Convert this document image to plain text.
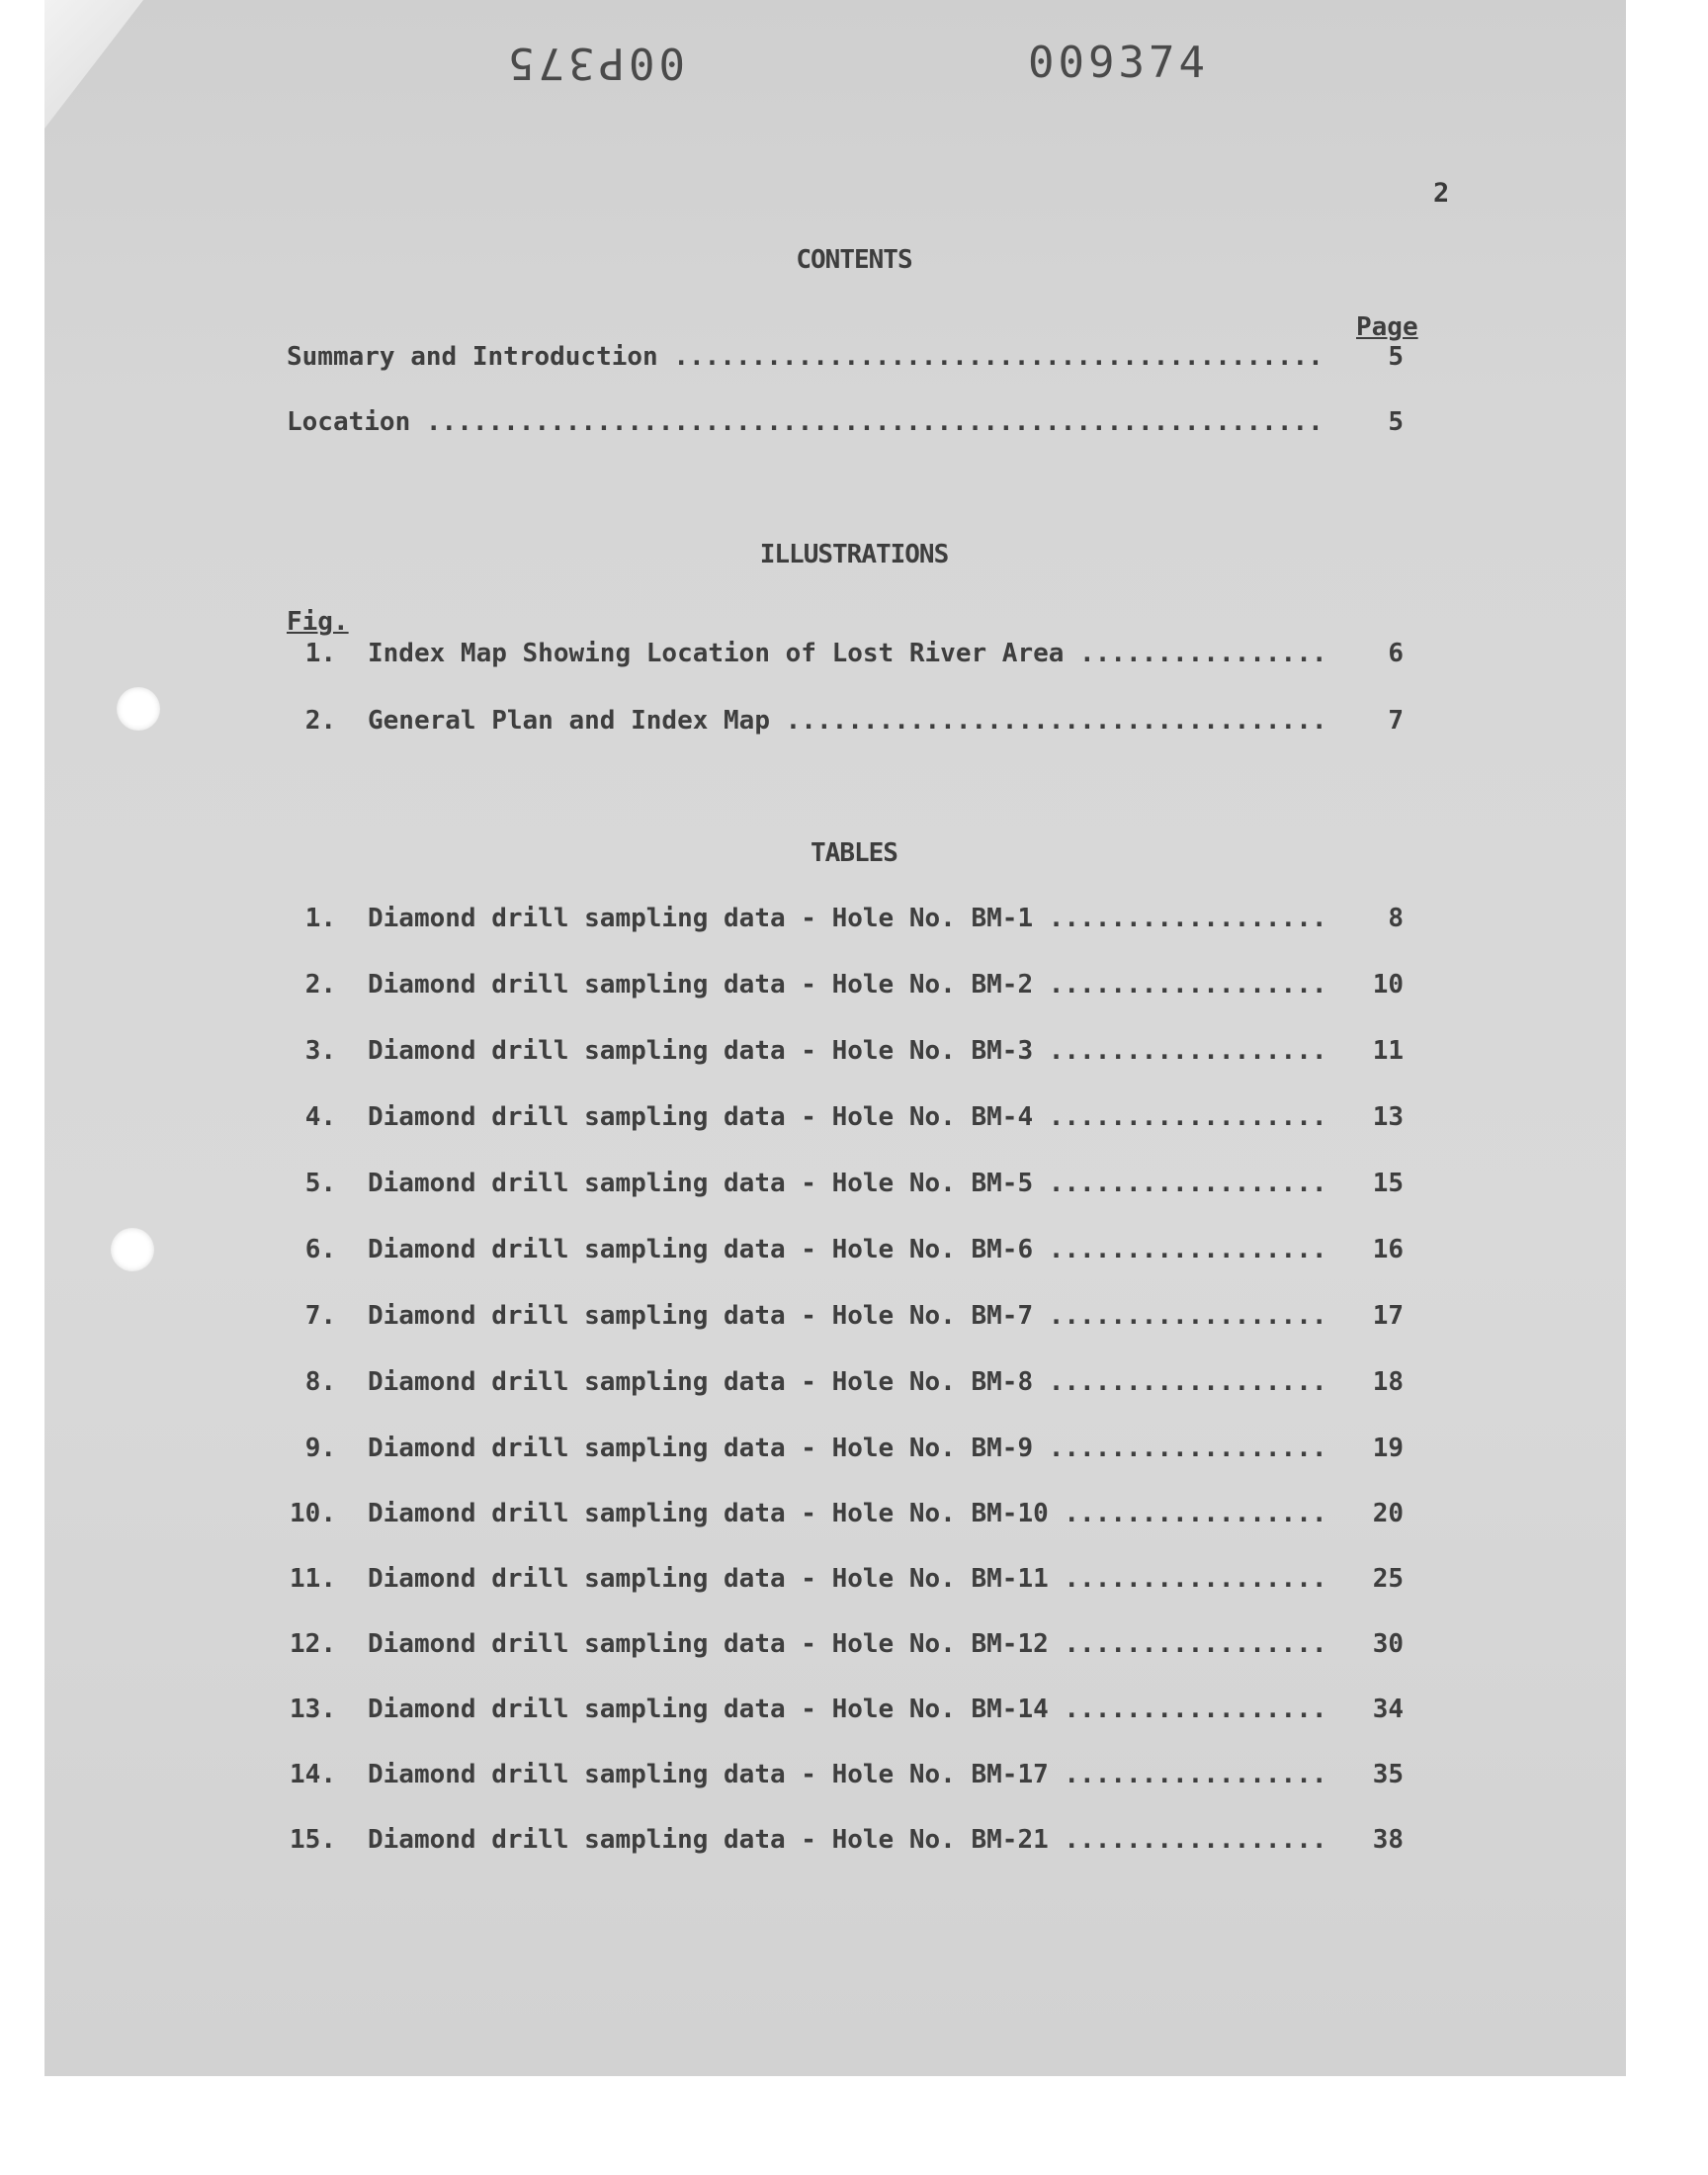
00P375	009374
2
CONTENTS
Page
Summary and Introduction .....	5
Location .....	5
ILLUSTRATIONS
Fig.
1. Index Map Showing Location of Lost River Area .....	6
2. General Plan and Index Map .....	7
TABLES
1. Diamond drill sampling data - Hole No. BM-1 .....	8
2. Diamond drill sampling data - Hole No. BM-2 .....	10
3. Diamond drill sampling data - Hole No. BM-3 .....	11
4. Diamond drill sampling data - Hole No. BM-4 .....	13
5. Diamond drill sampling data - Hole No. BM-5 .....	15
6. Diamond drill sampling data - Hole No. BM-6 .....	16
7. Diamond drill sampling data - Hole No. BM-7 .....	17
8. Diamond drill sampling data - Hole No. BM-8 .....	18
9. Diamond drill sampling data - Hole No. BM-9 .....	19
10. Diamond drill sampling data - Hole No. BM-10 .....	20
11. Diamond drill sampling data - Hole No. BM-11 .....	25
12. Diamond drill sampling data - Hole No. BM-12 .....	30
13. Diamond drill sampling data - Hole No. BM-14 .....	34
14. Diamond drill sampling data - Hole No. BM-17 .....	35
15. Diamond drill sampling data - Hole No. BM-21 .....	38
